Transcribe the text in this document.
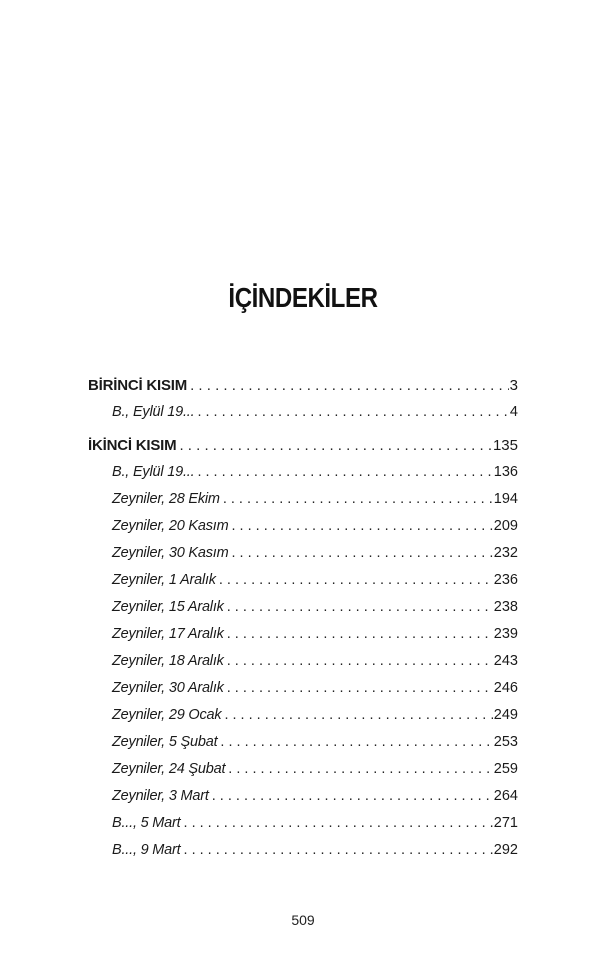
İÇİNDEKİLER
BİRİNCİ KISIM . . .	3
B., Eylül 19... . . .	4
İKİNCİ KISIM . . .	135
B., Eylül 19... . . .	136
Zeyniler, 28 Ekim . . .	194
Zeyniler, 20 Kasım . . .	209
Zeyniler, 30 Kasım . . .	232
Zeyniler, 1 Aralık . . .	236
Zeyniler, 15 Aralık . . .	238
Zeyniler, 17 Aralık . . .	239
Zeyniler, 18 Aralık . . .	243
Zeyniler, 30 Aralık . . .	246
Zeyniler, 29 Ocak . . .	249
Zeyniler, 5 Şubat . . .	253
Zeyniler, 24 Şubat . . .	259
Zeyniler, 3 Mart . . .	264
B..., 5 Mart . . .	271
B..., 9 Mart . . .	292
509
